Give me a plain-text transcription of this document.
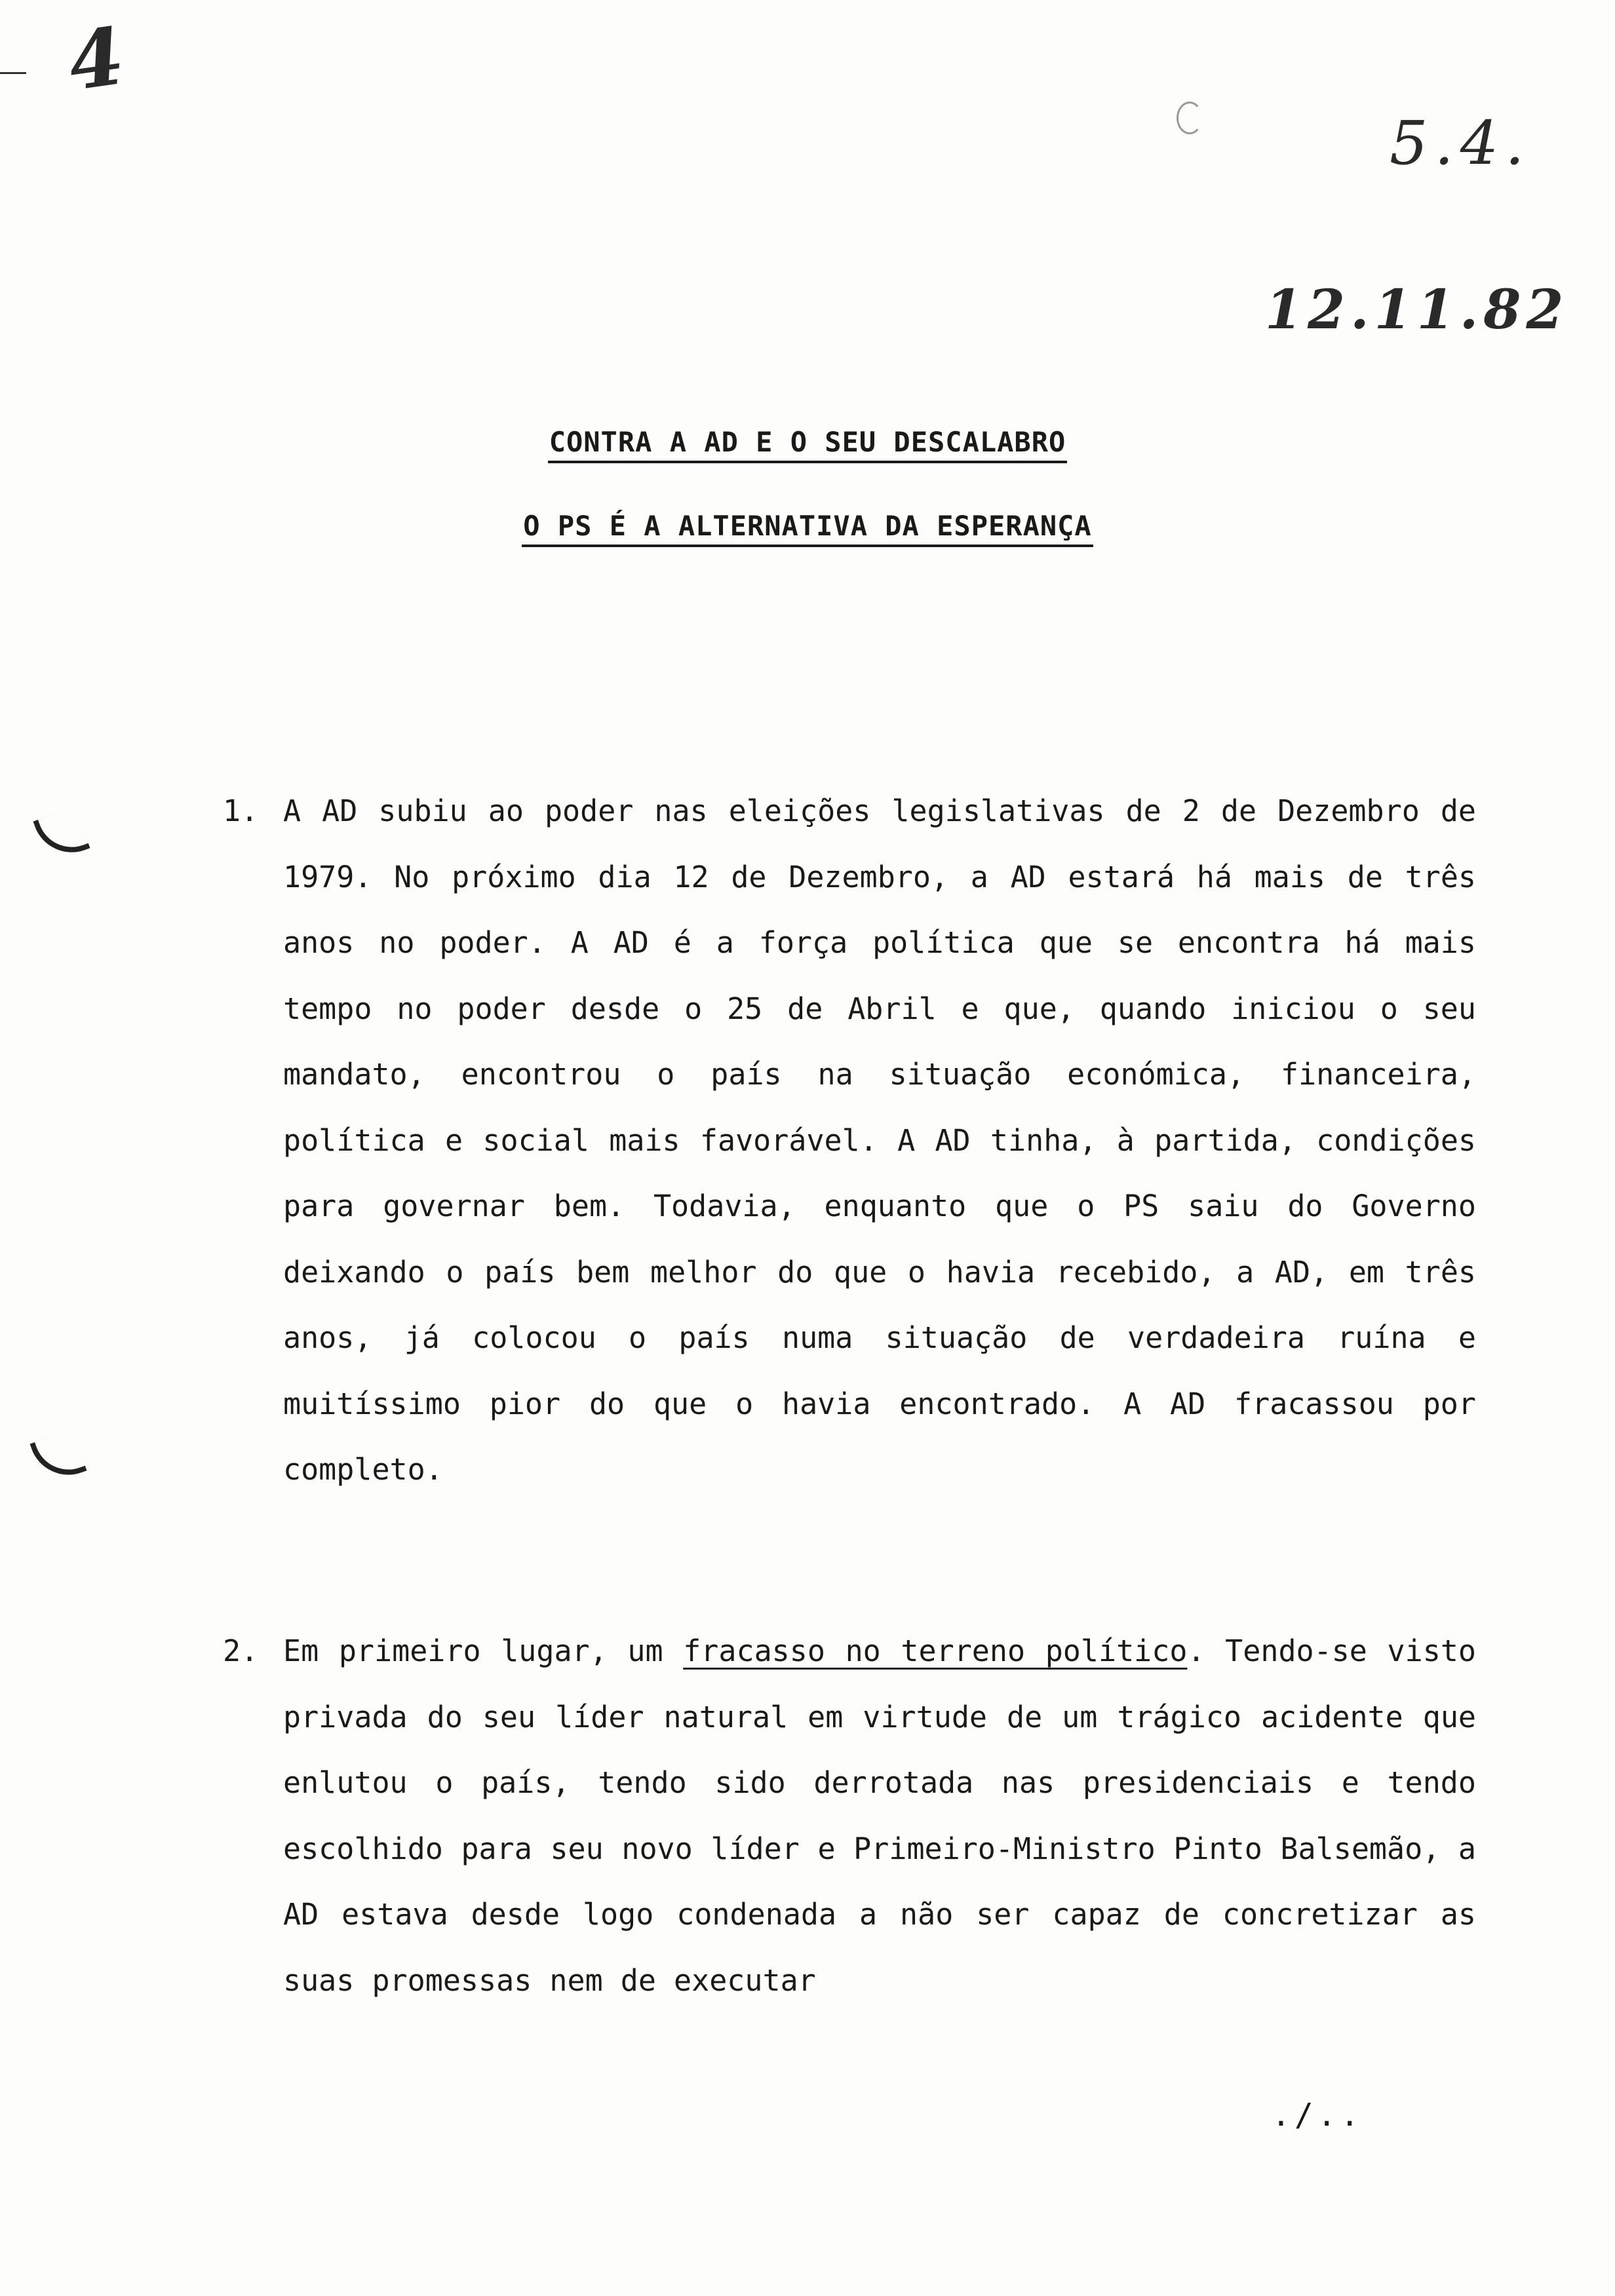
4
5.4.
12.11.82
CONTRA A AD E O SEU DESCALABRO
O PS É A ALTERNATIVA DA ESPERANÇA
1. A AD subiu ao poder nas eleições legislativas de 2 de Dezembro de 1979. No próximo dia 12 de Dezembro, a AD estará há mais de três anos no poder. A AD é a força política que se encontra há mais tempo no poder desde o 25 de Abril e que, quando iniciou o seu mandato, encontrou o país na situação económica, financeira, política e social mais favorável. A AD tinha, à partida, condições para governar bem. Todavia, enquanto que o PS saiu do Governo deixando o país bem melhor do que o havia recebido, a AD, em três anos, já colocou o país numa situação de verdadeira ruína e muitíssimo pior do que o havia encontrado. A AD fracassou por completo.
2. Em primeiro lugar, um fracasso no terreno político. Tendo-se visto privada do seu líder natural em virtude de um trágico acidente que enlutou o país, tendo sido derrotada nas presidenciais e tendo escolhido para seu novo líder e Primeiro-Ministro Pinto Balsemão, a AD estava desde logo condenada a não ser capaz de concretizar as suas promessas nem de executar
./..
